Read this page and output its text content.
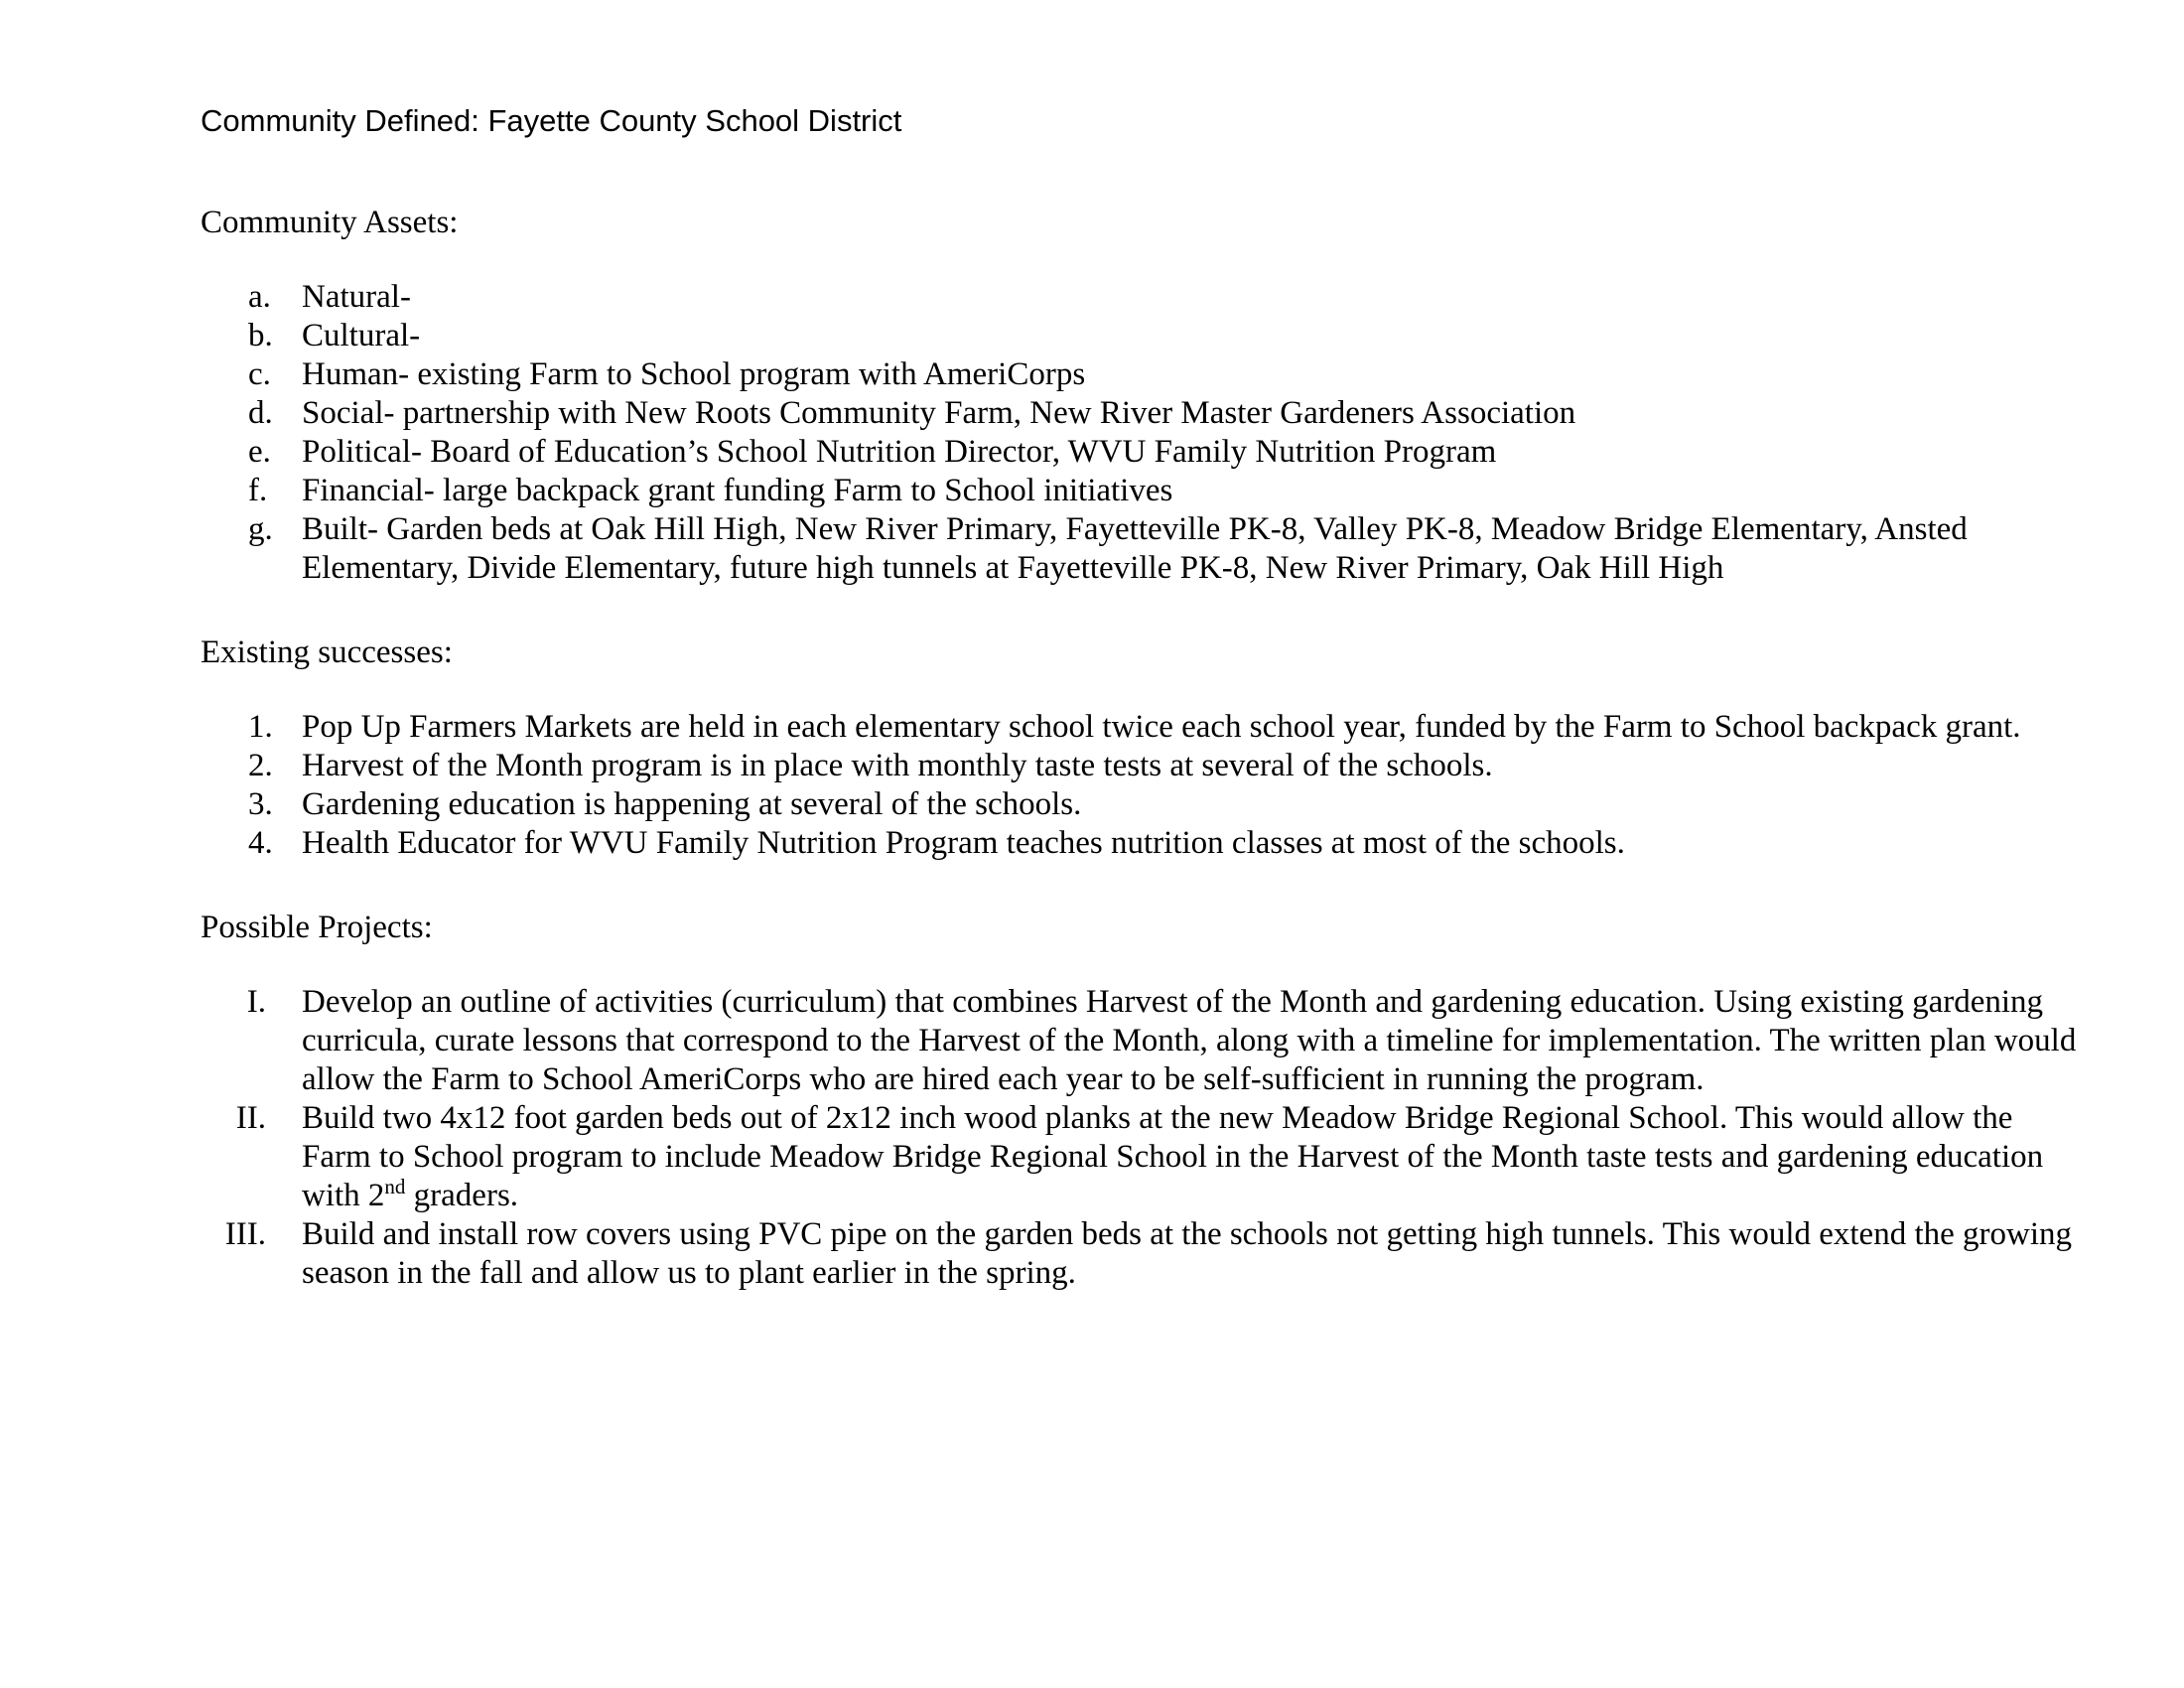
Community Defined: Fayette County School District
Community Assets:
a. Natural-
b. Cultural-
c. Human- existing Farm to School program with AmeriCorps
d. Social- partnership with New Roots Community Farm, New River Master Gardeners Association
e. Political- Board of Education’s School Nutrition Director, WVU Family Nutrition Program
f.	Financial- large backpack grant funding Farm to School initiatives
g. Built- Garden beds at Oak Hill High, New River Primary, Fayetteville PK-8, Valley PK-8, Meadow Bridge Elementary, Ansted Elementary, Divide Elementary, future high tunnels at Fayetteville PK-8, New River Primary, Oak Hill High
Existing successes:
1. Pop Up Farmers Markets are held in each elementary school twice each school year, funded by the Farm to School backpack grant.
2. Harvest of the Month program is in place with monthly taste tests at several of the schools.
3. Gardening education is happening at several of the schools.
4. Health Educator for WVU Family Nutrition Program teaches nutrition classes at most of the schools.
Possible Projects:
I. Develop an outline of activities (curriculum) that combines Harvest of the Month and gardening education. Using existing gardening curricula, curate lessons that correspond to the Harvest of the Month, along with a timeline for implementation. The written plan would allow the Farm to School AmeriCorps who are hired each year to be self-sufficient in running the program.
II. Build two 4x12 foot garden beds out of 2x12 inch wood planks at the new Meadow Bridge Regional School. This would allow the Farm to School program to include Meadow Bridge Regional School in the Harvest of the Month taste tests and gardening education with 2nd graders.
III. Build and install row covers using PVC pipe on the garden beds at the schools not getting high tunnels. This would extend the growing season in the fall and allow us to plant earlier in the spring.
